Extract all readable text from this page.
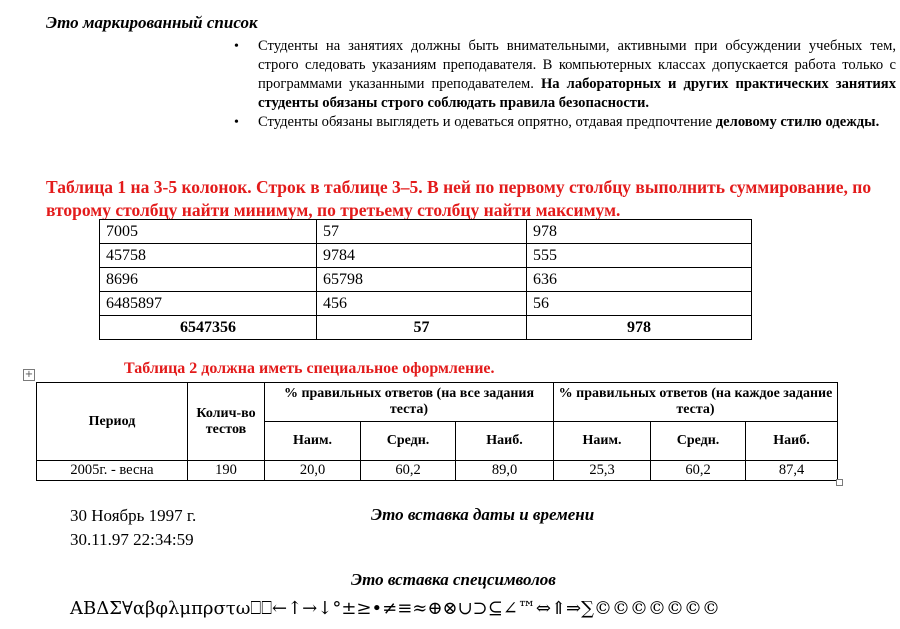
Это маркированный список
• Студенты на занятиях должны быть внимательными, активными при обсуждении учебных тем, строго следовать указаниям преподавателя. В компьютерных классах допускается работа только с программами указанными преподавателем. На лабораторных и других практических занятиях студенты обязаны строго соблюдать правила безопасности.
• Студенты обязаны выглядеть и одеваться опрятно, отдавая предпочтение деловому стилю одежды.
Таблица 1 на 3-5 колонок. Строк в таблице 3–5. В ней по первому столбцу выполнить суммирование, по второму столбцу найти минимум, по третьему столбцу найти максимум.
7005	57	978
45758	9784	555
8696	65798	636
6485897	456	56
6547356	57	978
+	Таблица 2 должна иметь специальное оформление.
Период	Колич-во тестов	% правильных ответов (на все задания теста)			% правильных ответов (на каждое задание теста)		
		Наим.	Средн.	Наиб.	Наим.	Средн.	Наиб.
2005г. - весна	190	20,0	60,2	89,0	25,3	60,2	87,4
30 Ноябрь 1997 г.
30.11.97 22:34:59
Это вставка даты и времени
Это вставка спецсимволов
ΑΒΔΣ∀αβφλμπρστω⎕⎕←↑→↓°±≥•≠≡≈⊕⊗∪⊃⊆∠™⇔⇑⇒∑©©©©©©©
